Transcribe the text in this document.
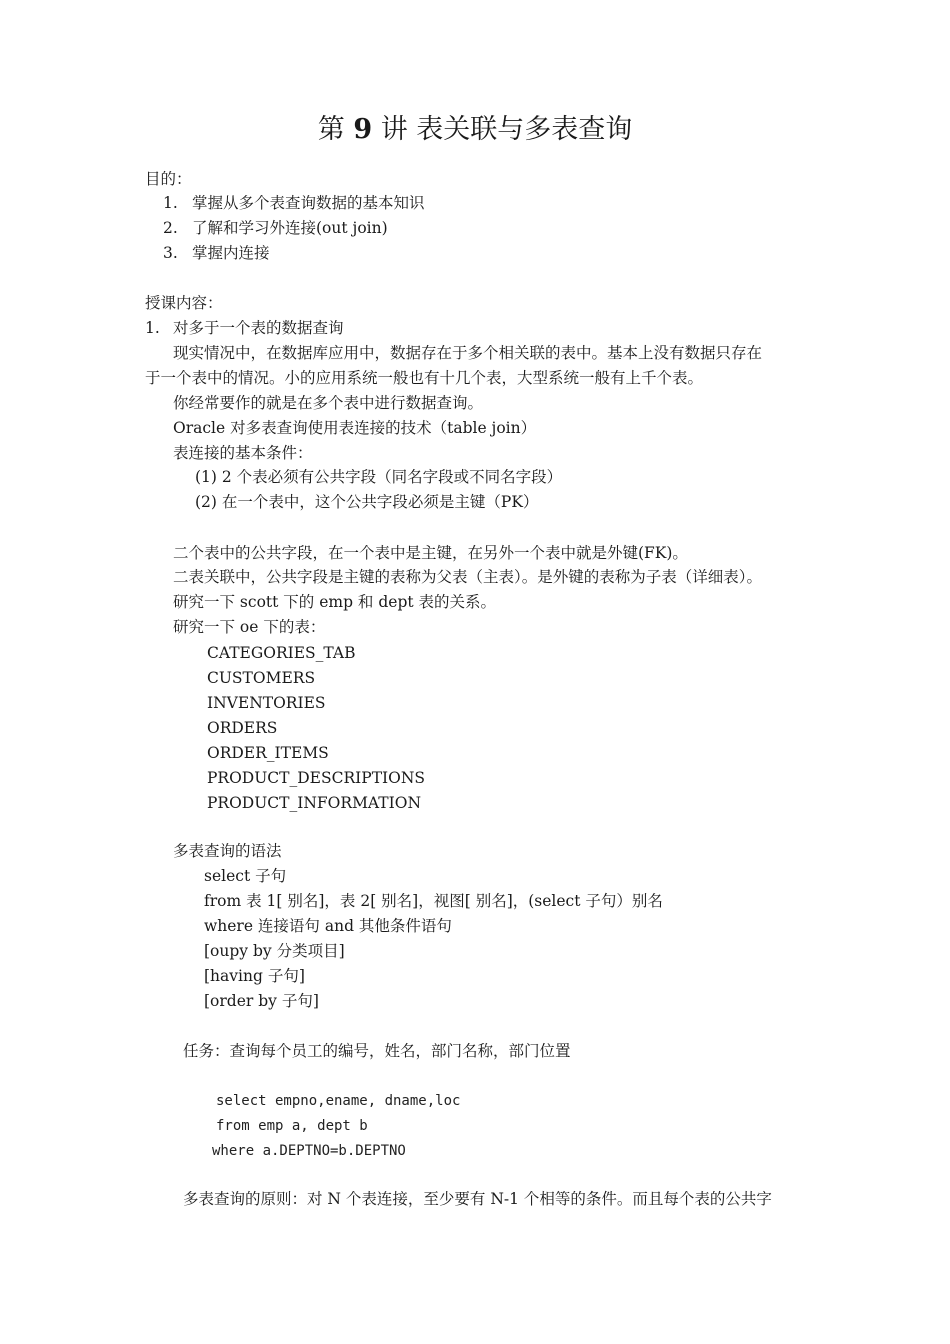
第 9 讲 表关联与多表查询
目的：
1. 掌握从多个表查询数据的基本知识
2. 了解和学习外连接(out join)
3. 掌握内连接
授课内容：
1. 对多于一个表的数据查询
现实情况中，在数据库应用中，数据存在于多个相关联的表中。基本上没有数据只存在
于一个表中的情况。小的应用系统一般也有十几个表，大型系统一般有上千个表。
你经常要作的就是在多个表中进行数据查询。
Oracle 对多表查询使用表连接的技术（table join）
表连接的基本条件：
(1) 2 个表必须有公共字段（同名字段或不同名字段）
(2) 在一个表中，这个公共字段必须是主键（PK）
二个表中的公共字段，在一个表中是主键，在另外一个表中就是外键(FK)。
二表关联中，公共字段是主键的表称为父表（主表）。是外键的表称为子表（详细表）。
研究一下 scott 下的 emp 和 dept 表的关系。
研究一下 oe 下的表：
CATEGORIES_TAB
CUSTOMERS
INVENTORIES
ORDERS
ORDER_ITEMS
PRODUCT_DESCRIPTIONS
PRODUCT_INFORMATION
多表查询的语法
select 子句
from 表 1[ 别名]，表 2[ 别名]，视图[ 别名]，(select 子句）别名
where 连接语句 and 其他条件语句
[oupy by 分类项目]
[having 子句]
[order by 子句]
任务：查询每个员工的编号，姓名，部门名称，部门位置
select empno,ename, dname,loc
from emp a, dept b
where a.DEPTNO=b.DEPTNO
多表查询的原则：对 N 个表连接，至少要有 N-1 个相等的条件。而且每个表的公共字
